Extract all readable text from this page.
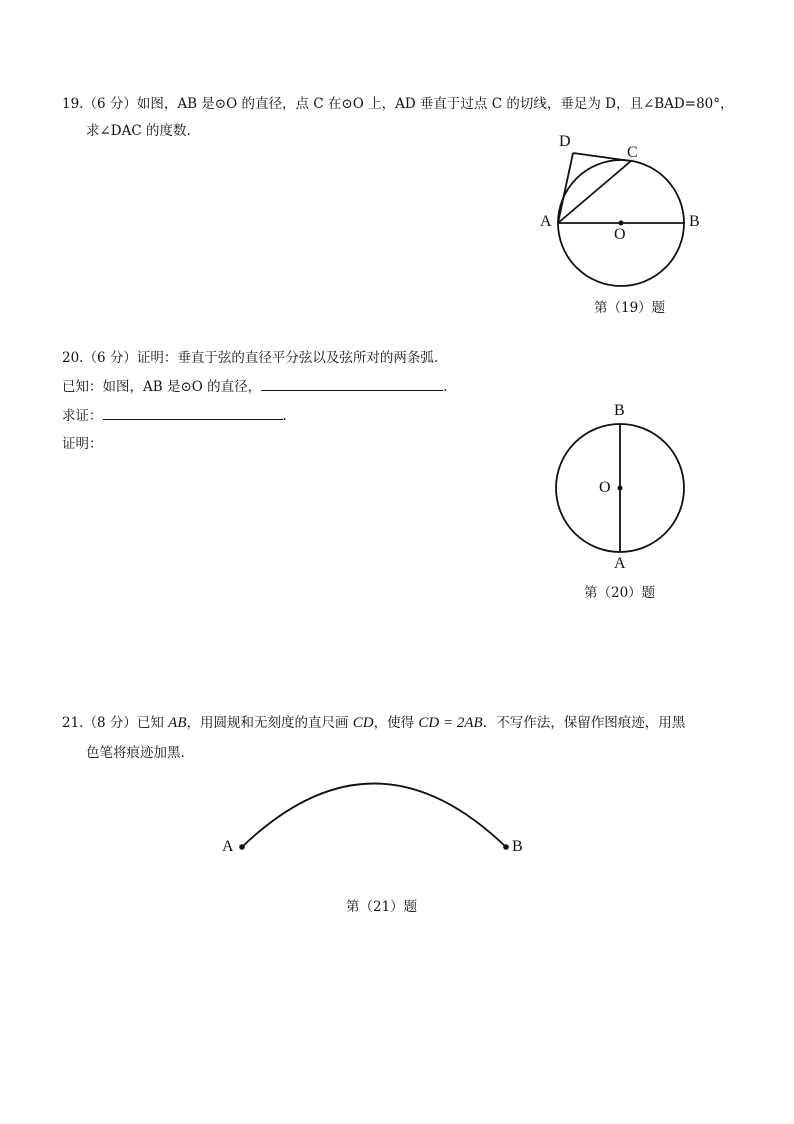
19.（6 分）如图，AB 是⊙O 的直径，点 C 在⊙O 上，AD 垂直于过点 C 的切线，垂足为 D，且∠BAD=80°，
求∠DAC 的度数.
D
C
A
O
B
第（19）题
20.（6 分）证明：垂直于弦的直径平分弦以及弦所对的两条弧.
已知：如图，AB 是⊙O 的直径，	.
求证：	.
证明：
B
O
A
第（20）题
21.（8 分）已知 AB，用圆规和无刻度的直尺画 CD，使得 CD = 2AB．不写作法，保留作图痕迹，用黑
色笔将痕迹加黑.
A	B
第（21）题
